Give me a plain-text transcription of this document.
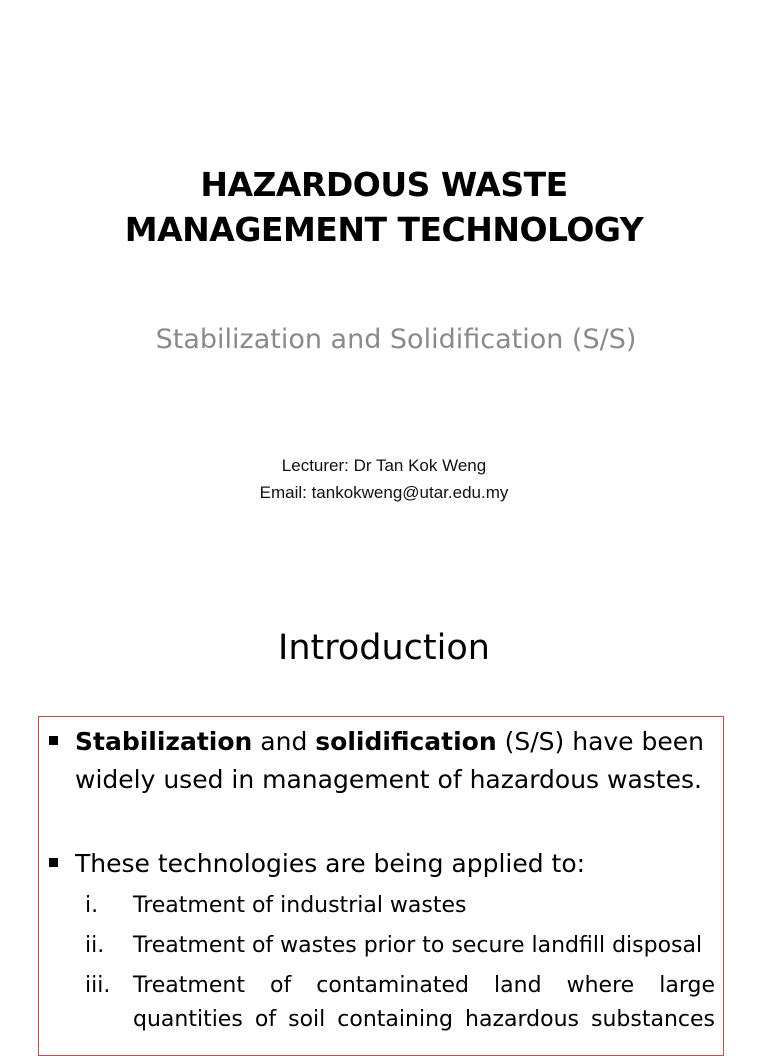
HAZARDOUS WASTE
MANAGEMENT TECHNOLOGY
Stabilization and Solidification (S/S)
Lecturer: Dr Tan Kok Weng
Email: tankokweng@utar.edu.my
Introduction
Stabilization and solidification (S/S) have been widely used in management of hazardous wastes.
These technologies are being applied to:
i. Treatment of industrial wastes
ii. Treatment of wastes prior to secure landfill disposal
iii. Treatment of contaminated land where large
quantities of soil containing hazardous substances
